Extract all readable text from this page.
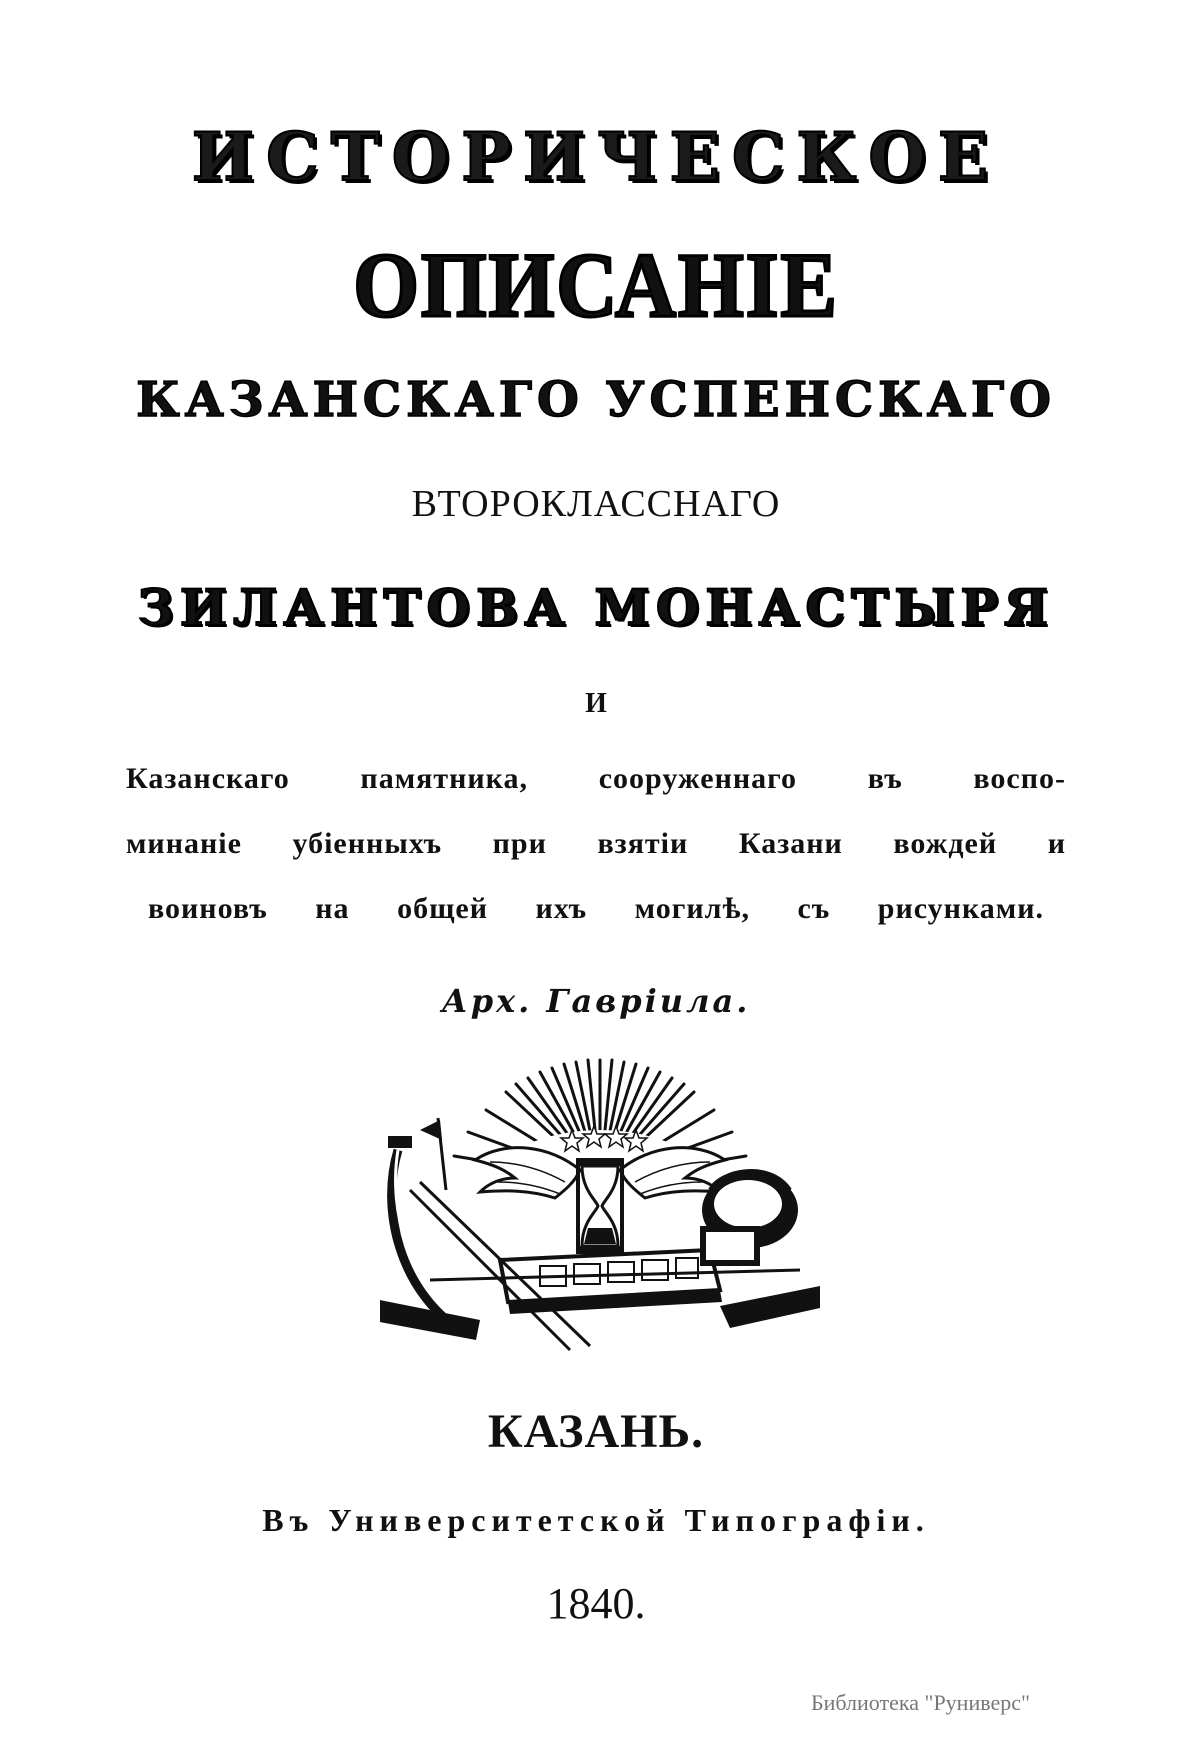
ИСТОРИЧЕСКОЕ
ОПИСАНІЕ
КАЗАНСКАГО УСПЕНСКАГО
ВТОРОКЛАССНАГО
ЗИЛАНТОВА МОНАСТЫРЯ
И
Казанскаго памятника, сооруженнаго въ воспо-
минаніе убіенныхъ при взятіи Казани вождей и
воиновъ на общей ихъ могилѣ, съ рисунками.
Арх. Гавріила.
КАЗАНЬ.
Въ Университетской Типографіи.
1840.
Библиотека "Руниверс"
